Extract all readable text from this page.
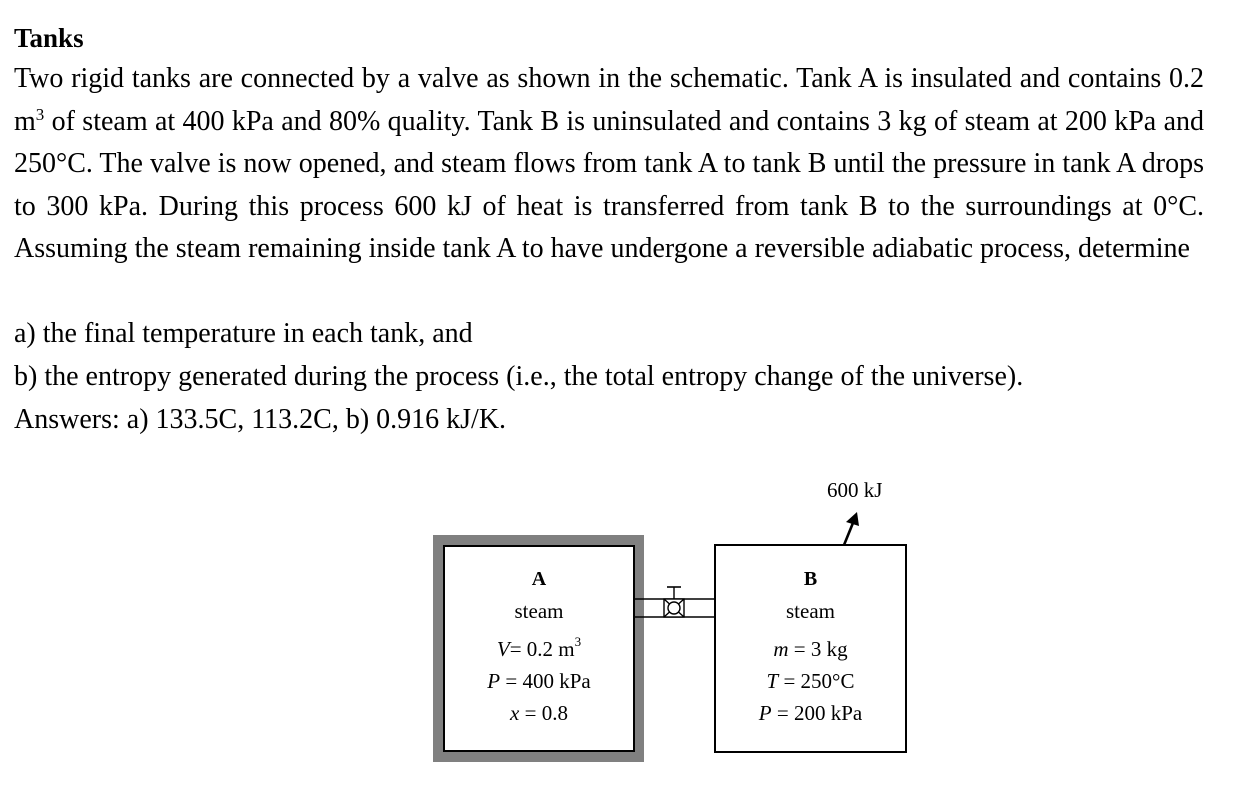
Tanks

Two rigid tanks are connected by a valve as shown in the schematic. Tank A is insulated and contains 0.2 $m^3$ of steam at 400 kPa and 80% quality. Tank B is uninsulated and contains 3 kg of steam at 200 kPa and 250°C. The valve is now opened, and steam flows from tank A to tank B until the pressure in tank A drops to 300 kPa. During this process 600 kJ of heat is transferred from tank B to the surroundings at 0°C. Assuming the steam remaining inside tank A to have undergone a reversible adiabatic process, determine

a) the final temperature in each tank, and

b) the entropy generated during the process (i.e., the total entropy change of the universe).

Answers: a) 133.5C, 113.2C, b) 0.916 kJ/K.

600 kJ
A
steam
V= 0.2 $m^3$
P = 400 kPa
x = 0.8
B
steam
m = 3 kg
T = 250°C
P = 200 kPa
